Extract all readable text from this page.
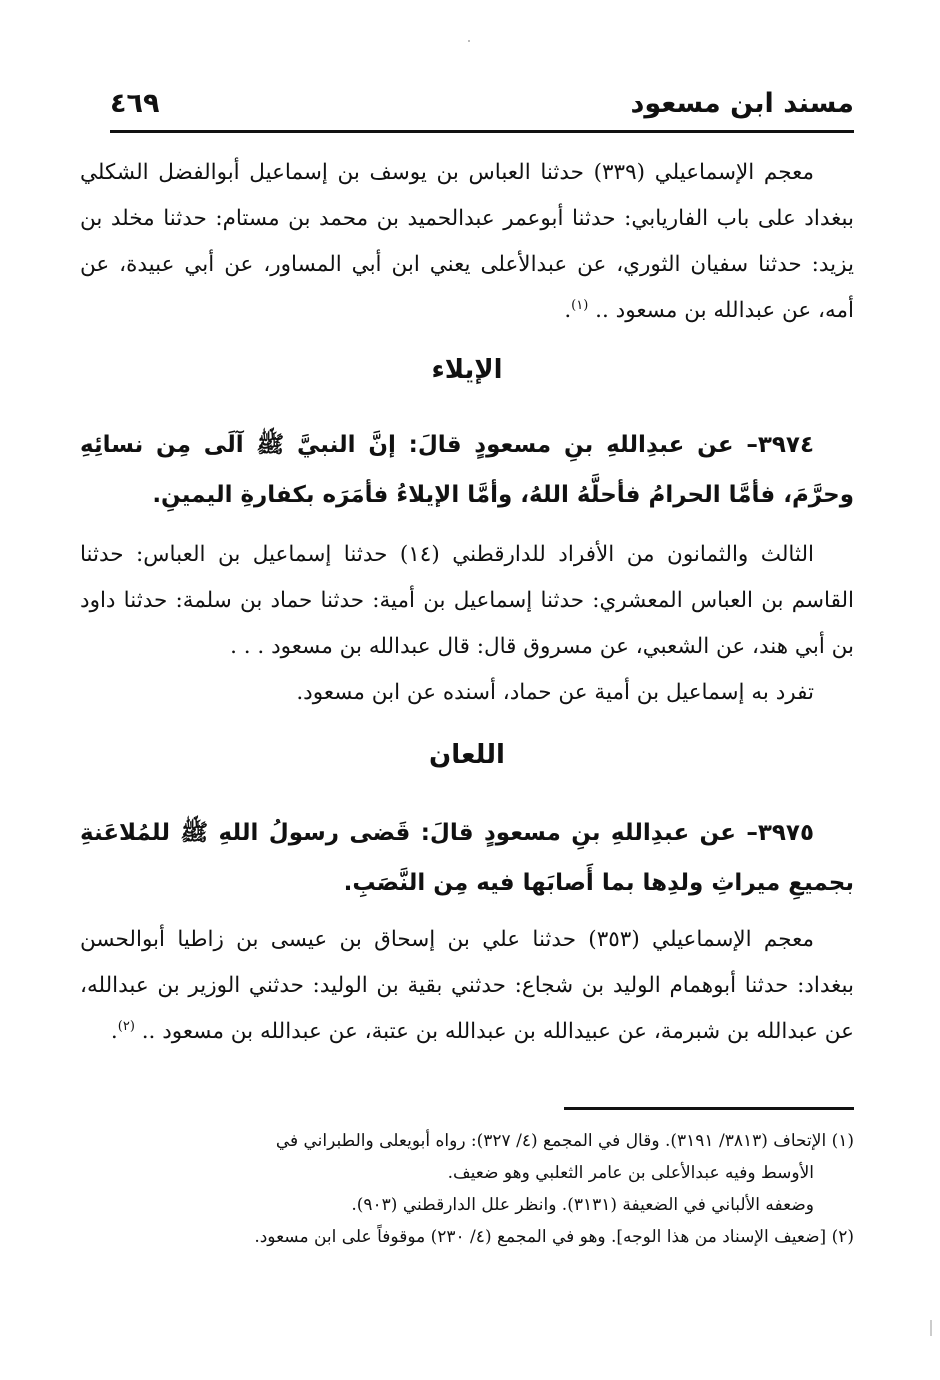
مسند ابن مسعود
٤٦٩

معجم الإسماعيلي (٣٣٩) حدثنا العباس بن يوسف بن إسماعيل أبوالفضل الشكلي ببغداد على باب الفاريابي: حدثنا أبوعمر عبدالحميد بن محمد بن مستام: حدثنا مخلد بن يزيد: حدثنا سفيان الثوري، عن عبدالأعلى يعني ابن أبي المساور، عن أبي عبيدة، عن أمه، عن عبدالله بن مسعود .. $^{(١)}$.

الإيلاء

٣٩٧٤– عن عبدِاللهِ بنِ مسعودٍ قالَ: إنَّ النبيَّ ﷺ آلَى مِن نسائِهِ وحرَّمَ، فأمَّا الحرامُ فأحلَّهُ اللهُ، وأمَّا الإيلاءُ فأمَرَه بكفارةِ اليمينِ.

الثالث والثمانون من الأفراد للدارقطني (١٤) حدثنا إسماعيل بن العباس: حدثنا القاسم بن العباس المعشري: حدثنا إسماعيل بن أمية: حدثنا حماد بن سلمة: حدثنا داود بن أبي هند، عن الشعبي، عن مسروق قال: قال عبدالله بن مسعود . . .

تفرد به إسماعيل بن أمية عن حماد، أسنده عن ابن مسعود.

اللعان

٣٩٧٥– عن عبدِاللهِ بنِ مسعودٍ قالَ: قَضى رسولُ اللهِ ﷺ للمُلاعَنةِ بجميعِ ميراثِ ولدِها بما أَصابَها فيه مِن النَّصَبِ.

معجم الإسماعيلي (٣٥٣) حدثنا علي بن إسحاق بن عيسى بن زاطيا أبوالحسن ببغداد: حدثنا أبوهمام الوليد بن شجاع: حدثني بقية بن الوليد: حدثني الوزير بن عبدالله، عن عبدالله بن شبرمة، عن عبيدالله بن عبدالله بن عتبة، عن عبدالله بن مسعود .. $^{(٢)}$.

(١) الإتحاف (٣٨١٣/ ٣١٩١). وقال في المجمع (٤/ ٣٢٧): رواه أبويعلى والطبراني في
الأوسط وفيه عبدالأعلى بن عامر الثعلبي وهو ضعيف.

وضعفه الألباني في الضعيفة (٣١٣١). وانظر علل الدارقطني (٩٠٣).

(٢) [ضعيف الإسناد من هذا الوجه]. وهو في المجمع (٤/ ٢٣٠) موقوفاً على ابن مسعود.
